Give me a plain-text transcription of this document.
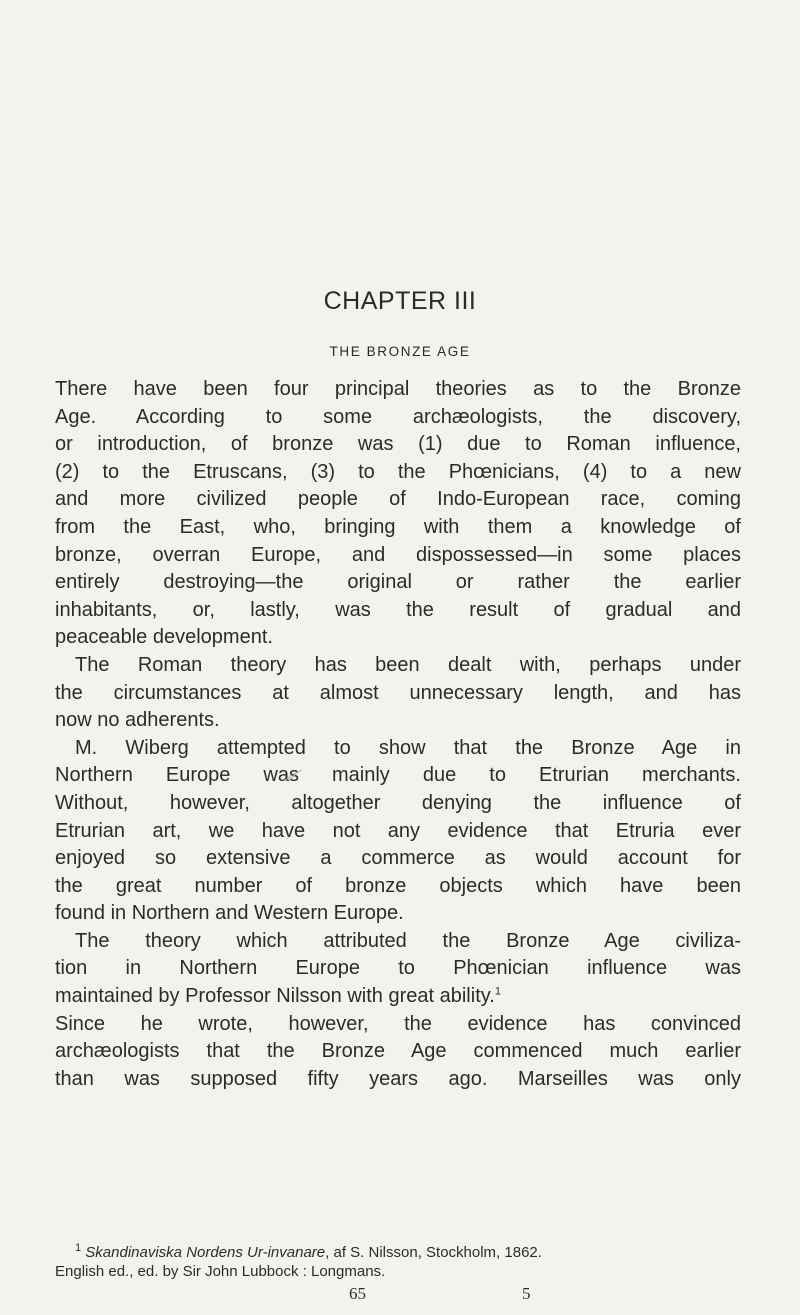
CHAPTER III
THE BRONZE AGE
There have been four principal theories as to the Bronze
Age. According to some archæologists, the discovery,
or introduction, of bronze was (1) due to Roman influence,
(2) to the Etruscans, (3) to the Phœnicians, (4) to a new
and more civilized people of Indo-European race, coming
from the East, who, bringing with them a knowledge of
bronze, overran Europe, and dispossessed—in some places
entirely destroying—the original or rather the earlier
inhabitants, or, lastly, was the result of gradual and
peaceable development.
The Roman theory has been dealt with, perhaps under
the circumstances at almost unnecessary length, and has
now no adherents.
M. Wiberg attempted to show that the Bronze Age in
Northern Europe was mainly due to Etrurian merchants.
Without, however, altogether denying the influence of
Etrurian art, we have not any evidence that Etruria ever
enjoyed so extensive a commerce as would account for
the great number of bronze objects which have been
found in Northern and Western Europe.
The theory which attributed the Bronze Age civiliza-
tion in Northern Europe to Phœnician influence was
maintained by Professor Nilsson with great ability.$^1$
Since he wrote, however, the evidence has convinced
archæologists that the Bronze Age commenced much earlier
than was supposed fifty years ago. Marseilles was only
$^1$ Skandinaviska Nordens Ur-invanare, af S. Nilsson, Stockholm, 1862.
English ed., ed. by Sir John Lubbock : Longmans.
65	5
